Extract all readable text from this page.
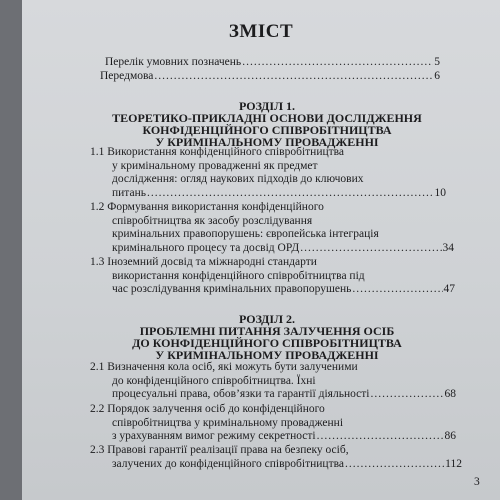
ЗМІСТ
Перелік умовних позначень .....	5
Передмова .....	6
РОЗДІЛ 1.
ТЕОРЕТИКО-ПРИКЛАДНІ ОСНОВИ ДОСЛІДЖЕННЯ
КОНФІДЕНЦІЙНОГО СПІВРОБІТНИЦТВА
У КРИМІНАЛЬНОМУ ПРОВАДЖЕННІ
1.1 Використання конфіденційного співробітництва
у кримінальному провадженні як предмет
дослідження: огляд наукових підходів до ключових
питань .....	10
1.2 Формування використання конфіденційного
співробітництва як засобу розслідування
кримінальних правопорушень: європейська інтеграція
кримінального процесу та досвід ОРД .....	34
1.3 Іноземний досвід та міжнародні стандарти
використання конфіденційного співробітництва під
час розслідування кримінальних правопорушень .....	47
РОЗДІЛ 2.
ПРОБЛЕМНІ ПИТАННЯ ЗАЛУЧЕННЯ ОСІБ
ДО КОНФІДЕНЦІЙНОГО СПІВРОБІТНИЦТВА
У КРИМІНАЛЬНОМУ ПРОВАДЖЕННІ
2.1 Визначення кола осіб, які можуть бути залученими
до конфіденційного співробітництва. Їхні
процесуальні права, обов’язки та гарантії діяльності .....	68
2.2 Порядок залучення осіб до конфіденційного
співробітництва у кримінальному провадженні
з урахуванням вимог режиму секретності .....	86
2.3 Правові гарантії реалізації права на безпеку осіб,
залучених до конфіденційного співробітництва .....	112
3
